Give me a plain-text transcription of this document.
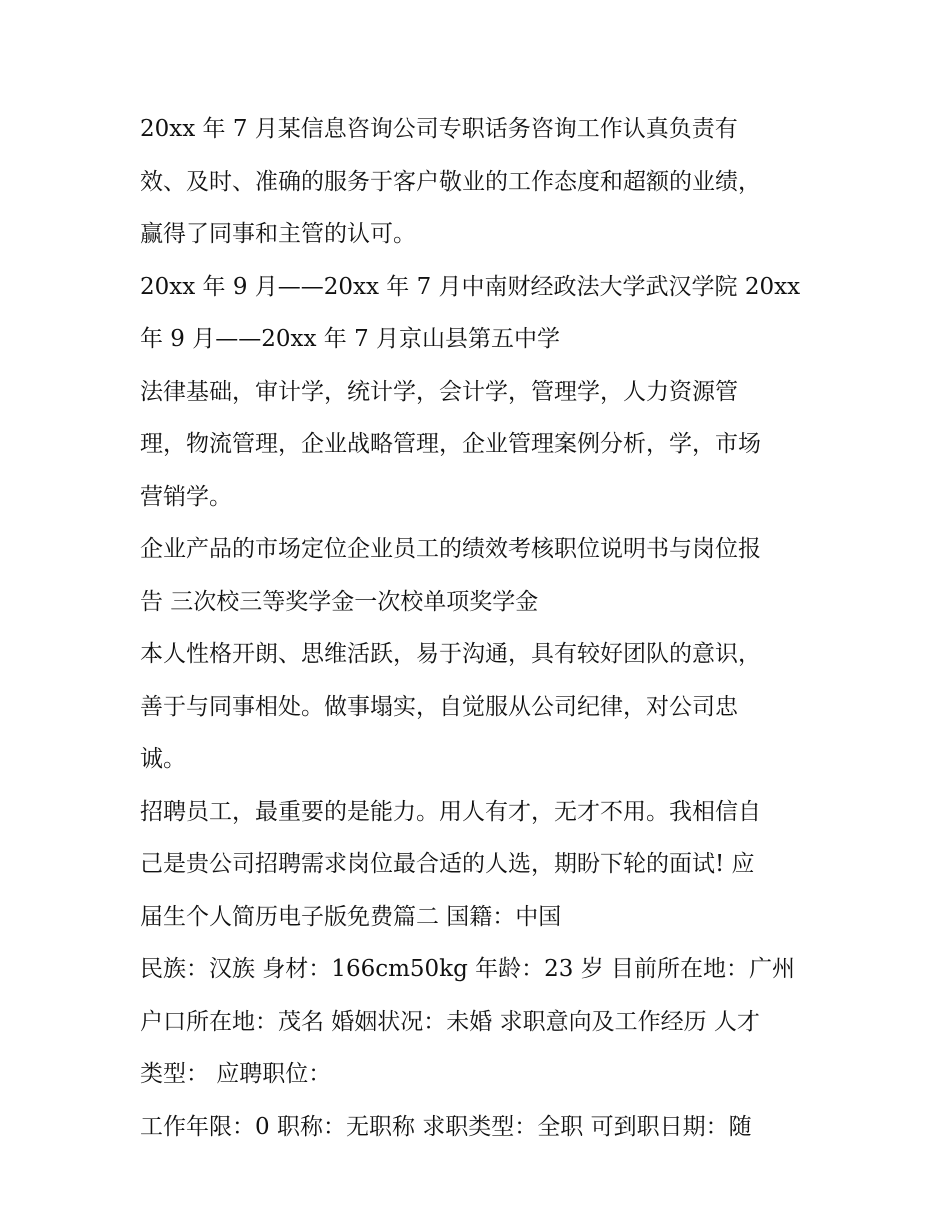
20xx 年 7 月某信息咨询公司专职话务咨询工作认真负责有
效、及时、准确的服务于客户敬业的工作态度和超额的业绩，
赢得了同事和主管的认可。
20xx 年 9 月——20xx 年 7 月中南财经政法大学武汉学院 20xx
年 9 月——20xx 年 7 月京山县第五中学
法律基础，审计学，统计学，会计学，管理学，人力资源管
理，物流管理，企业战略管理，企业管理案例分析，学，市场
营销学。
企业产品的市场定位企业员工的绩效考核职位说明书与岗位报
告 三次校三等奖学金一次校单项奖学金
本人性格开朗、思维活跃，易于沟通，具有较好团队的意识，
善于与同事相处。做事塌实，自觉服从公司纪律，对公司忠
诚。
招聘员工，最重要的是能力。用人有才，无才不用。我相信自
己是贵公司招聘需求岗位最合适的人选，期盼下轮的面试! 应
届生个人简历电子版免费篇二 国籍：中国
民族：汉族 身材：166cm50kg 年龄：23 岁 目前所在地：广州
户口所在地：茂名 婚姻状况：未婚 求职意向及工作经历 人才
类型： 应聘职位：
工作年限：0 职称：无职称 求职类型：全职 可到职日期：随
